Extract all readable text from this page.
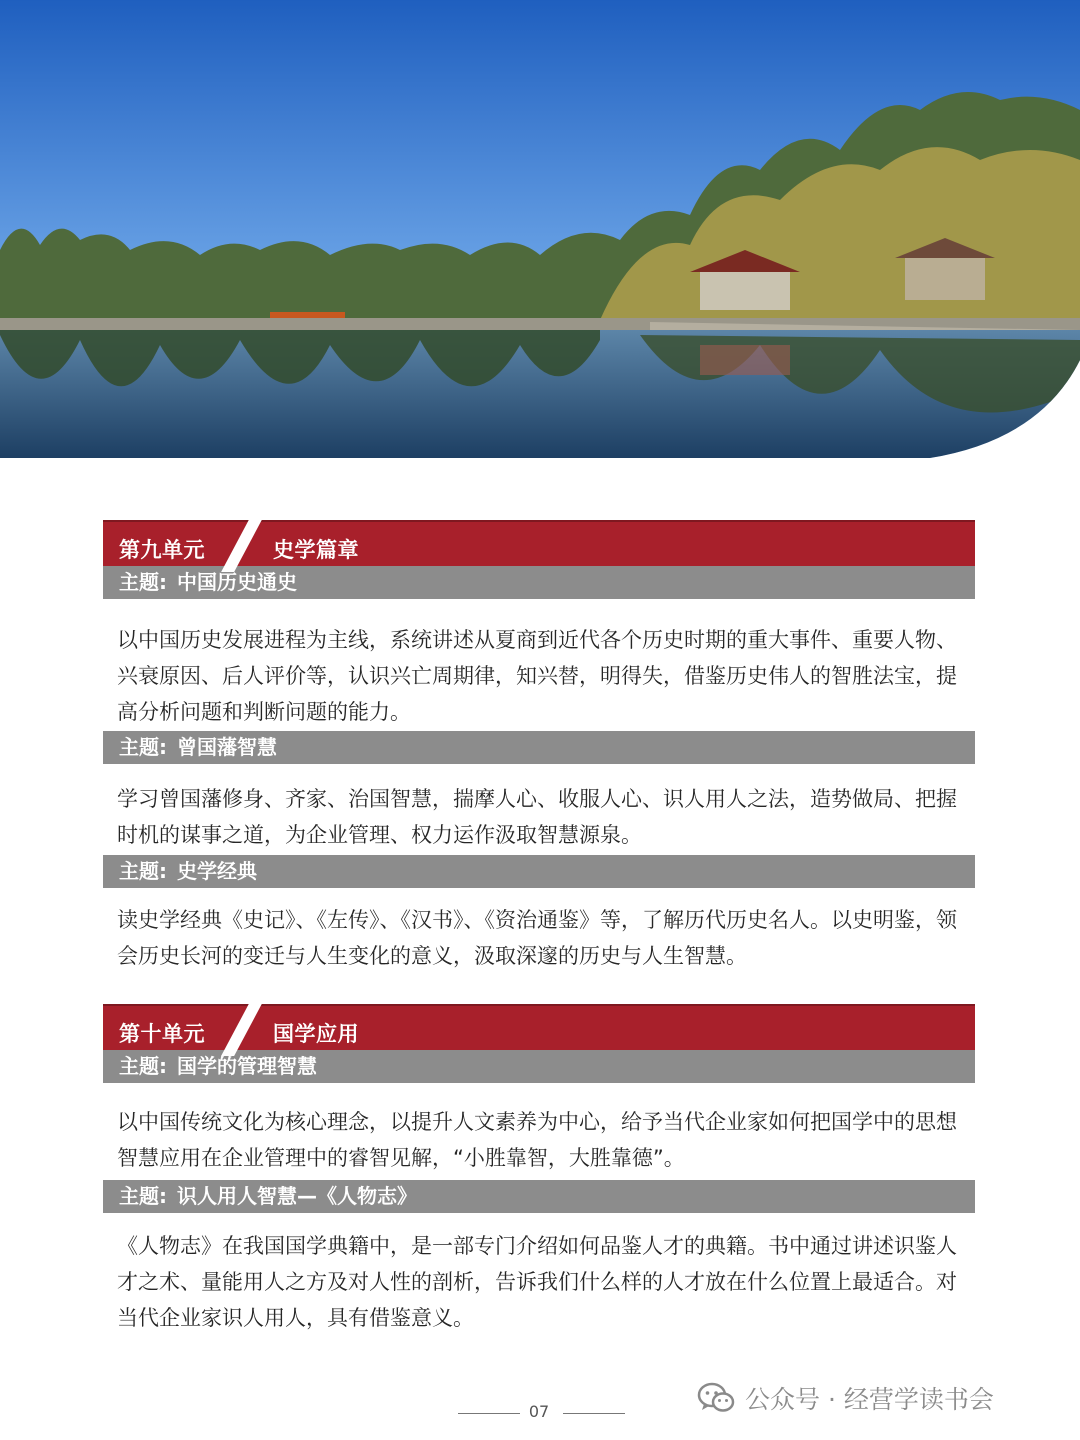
第九单元	史学篇章
主题: 中国历史通史

以中国历史发展进程为主线，系统讲述从夏商到近代各个历史时期的重大事件、重要人物、兴衰原因、后人评价等，认识兴亡周期律，知兴替，明得失，借鉴历史伟人的智胜法宝，提高分析问题和判断问题的能力。

主题: 曾国藩智慧

学习曾国藩修身、齐家、治国智慧，揣摩人心、收服人心、识人用人之法，造势做局、把握时机的谋事之道，为企业管理、权力运作汲取智慧源泉。

主题: 史学经典

读史学经典《史记》、《左传》、《汉书》、《资治通鉴》等，了解历代历史名人。以史明鉴，领会历史长河的变迁与人生变化的意义，汲取深邃的历史与人生智慧。

第十单元	国学应用
主题: 国学的管理智慧

以中国传统文化为核心理念，以提升人文素养为中心，给予当代企业家如何把国学中的思想智慧应用在企业管理中的睿智见解，“小胜靠智，大胜靠德”。

主题: 识人用人智慧—《人物志》

《人物志》在我国国学典籍中，是一部专门介绍如何品鉴人才的典籍。书中通过讲述识鉴人才之术、量能用人之方及对人性的剖析，告诉我们什么样的人才放在什么位置上最适合。对当代企业家识人用人，具有借鉴意义。

07	公众号 · 经营学读书会
